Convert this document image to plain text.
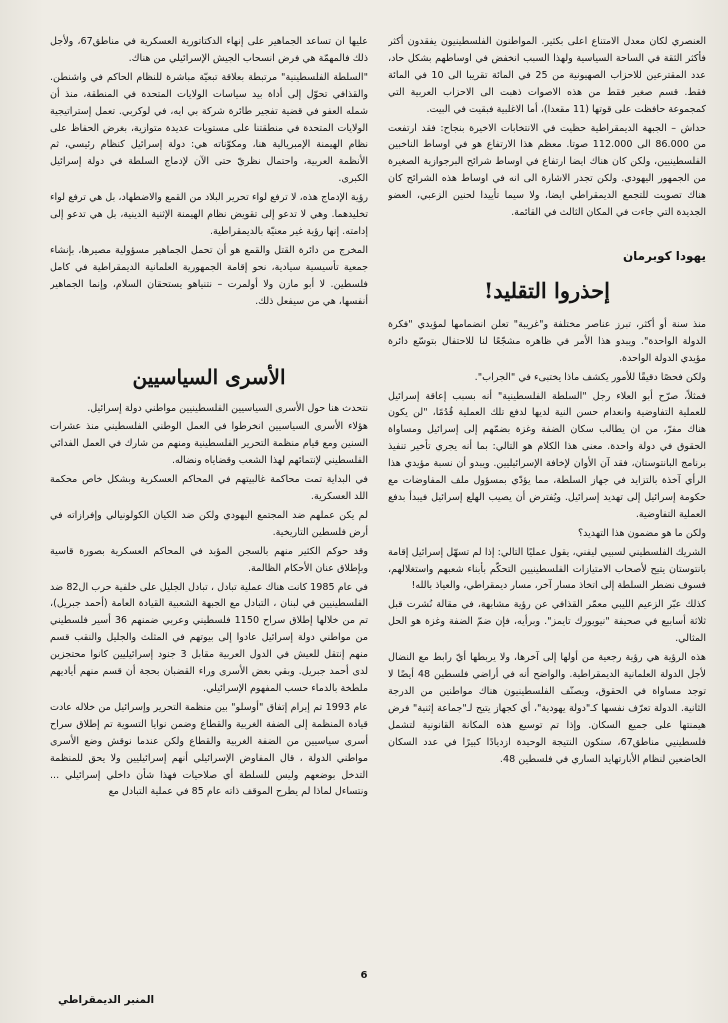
العنصري لكان معدل الامتناع اعلى بكثير. المواطنون الفلسطينيون يفقدون أكثر فأكثر الثقة في الساحة السياسية ولهذا السبب انخفض في اوساطهم بشكل حاد، عدد المقترعين للاحزاب الصهيونية من 25 في المائة تقريبا الى 10 في المائة فقط. قسم صغير فقط من هذه الاصوات ذهبت الى الاحزاب العربية التي كمجموعة حافظت على قوتها (11 مقعدا)، أما الاغلبية فبقيت في البيت.

حداش – الجبهة الديمقراطية حظيت في الانتخابات الاخيرة بنجاح: فقد ارتفعت من 86.000 الى 112.000 صوتا. معظم هذا الارتفاع هو في اوساط الناخبين الفلسطينيين، ولكن كان هناك ايضا ارتفاع في اوساط شرائح البرجوازية الصغيرة من الجمهور اليهودي. ولكن تجدر الاشارة الى انه في اوساط هذه الشرائح كان هناك تصويت للتجمع الديمقراطي ايضا، ولا سيما تأييدا لحنين الزعبي، العضو الجديدة التي جاءت في المكان الثالث في القائمة.

يهودا كوبرمان
إحذروا التقليد!

منذ سنة أو أكثر، تبرز عناصر مختلفة و"غريبة" تعلن انضمامها لمؤيدي "فكرة الدولة الواحدة". ويبدو هذا الأمر في ظاهره مشجّعًا لنا للاحتفال بتوسّع دائرة مؤيدي الدولة الواحدة.

ولكن فحصًا دقيقًا للأمور يكشف ماذا يختبىء في "الجراب".

فمثلاً، صرّح أبو العلاء رجل "السلطة الفلسطينية" أنه بسبب إعاقة إسرائيل للعملية التفاوضية وانعدام حسن النية لديها لدفع تلك العملية قُدُمًا، "لن يكون هناك مفرّ، من ان يطالب سكان الضفة وغزة بضمّهم إلى إسرائيل ومساواة الحقوق في دولة واحدة. معنى هذا الكلام هو التالي: بما أنه يجري تأخير تنفيذ برنامج البانتوستان، فقد آن الأوان لإخافة الإسرائيليين. ويبدو أن نسبة مؤيدي هذا الرأي آخذة بالتزايد في جهاز السلطة، مما يؤدّي بمسؤول ملف المفاوضات مع حكومة إسرائيل إلى تهديد إسرائيل. ويُفترض أن يصيب الهلع إسرائيل فيبدأ بدفع العملية التفاوضية.

ولكن ما هو مضمون هذا التهديد؟

الشريك الفلسطيني لسبيي ليفني، يقول عمليًا التالي: إذا لم تسهّل إسرائيل إقامة بانتوستان يتيح لأصحاب الامتيازات الفلسطينيين التحكّم بأبناء شعبهم واستغلالهم، فسوف نضطر السلطة إلى اتخاذ مسار آخر، مسار ديمقراطي، والعياذ بالله!

كذلك عبّر الزعيم الليبي معمّر القذافي عن رؤية مشابهة، في مقالة نُشرت قبل ثلاثة أسابيع في صحيفة "نيويورك تايمز". وبرأيه، فإن ضمّ الضفة وغزة هو الحل المثالي.

هذه الرؤية هي رؤية رجعية من أولها إلى آخرها، ولا يربطها أيّ رابط مع النضال لأجل الدولة العلمانية الديمقراطية. والواضح أنه في أراضي فلسطين 48 أيضًا لا توجد مساواة في الحقوق، ويصنّف الفلسطينيون هناك مواطنين من الدرجة الثانية. الدولة تعرّف نفسها كـ"دولة يهودية"، أي كجهاز يتيح لـ"جماعة إثنية" فرض هيمنتها على جميع السكان. وإذا تم توسيع هذه المكانة القانونية لتشمل فلسطينيي مناطق67، سنكون النتيجة الوحيدة ازديادًا كبيرًا في عدد السكان الخاضعين لنظام الأبارتهايد الساري في فلسطين 48.

عليها ان تساعد الجماهير على إنهاء الدكتاتورية العسكرية في مناطق67، ولأجل ذلك فالمهمّة هي فرض انسحاب الجيش الإسرائيلي من هناك.

"السلطة الفلسطينية" مرتبطة بعلاقة تبعيّة مباشرة للنظام الحاكم في واشنطن. والقذافي تحوّل إلى أداة بيد سياسات الولايات المتحدة في المنطقة، منذ أن شمله العفو في قضية تفجير طائرة شركة بي ايه، في لوكربي. تعمل إستراتيجية الولايات المتحدة في منطقتنا على مستويات عديدة متوازية، بغرض الحفاظ على نظام الهيمنة الإمبريالية هنا، ومكوّناته هي: دولة إسرائيل كنظام رئيسي، ثم الأنظمة العربية، واحتمال نظريّ حتى الآن لإدماج السلطة في دولة إسرائيل الكبرى.

رؤية الإدماج هذه، لا ترفع لواء تحرير البلاد من القمع والاضطهاد، بل هي ترفع لواء تخليدهما. وهي لا تدعو إلى تقويض نظام الهيمنة الإثنية الدينية، بل هي تدعو إلى إدامته. إنها رؤية غير معنيّة بالديمقراطية.

المخرج من دائرة القتل والقمع هو أن تحمل الجماهير مسؤولية مصيرها، بإنشاء جمعية تأسيسية سيادية، نحو إقامة الجمهورية العلمانية الديمقراطية في كامل فلسطين. لا أبو مازن ولا أولمرت – نتنياهو يستحقان السلام، وإنما الجماهير أنفسها، هي من سيفعل ذلك.

الأسرى السياسيين

نتحدث هنا حول الأسرى السياسيين الفلسطينيين مواطني دولة إسرائيل.

هؤلاء الأسرى السياسيين انخرطوا في العمل الوطني الفلسطيني منذ عشرات السنين ومع قيام منظمة التحرير الفلسطينية ومنهم من شارك في العمل الفدائي الفلسطيني لإنتمائهم لهذا الشعب وقضاياه ونضاله.

في البداية تمت محاكمة غالبيتهم في المحاكم العسكرية وبشكل خاص محكمة اللد العسكرية.

لم يكن عملهم ضد المجتمع اليهودي ولكن ضد الكيان الكولونيالي وإفرازاته في أرض فلسطين التاريخية.

وقد حوكم الكثير منهم بالسجن المؤبد في المحاكم العسكرية بصورة قاسية وبإطلاق عنان الأحكام الظالمة.

في عام 1985 كانت هناك عملية تبادل ، تبادل الجليل على خلفية حرب ال82 ضد الفلسطينيين في لبنان ، التبادل مع الجبهة الشعبية القيادة العامة (أحمد جبريل)، تم من خلالها إطلاق سراح 1150 فلسطيني وعربي ضمنهم 36 أسير فلسطيني من مواطني دولة إسرائيل عادوا إلى بيوتهم في المثلث والجليل والنقب قسم منهم إنتقل للعيش في الدول العربية مقابل 3 جنود إسرائيليين كانوا محتجزين لدى أحمد جبريل. وبقي بعض الأسرى وراء القضبان بحجة أن قسم منهم أياديهم ملطخة بالدماء حسب المفهوم الإسرائيلي.

عام 1993 تم إبرام إتفاق "أوسلو" بين منظمة التحرير وإسرائيل من خلاله عادت قيادة المنظمة إلى الضفة الغربية والقطاع وضمن نوايا التسوية تم إطلاق سراح أسرى سياسيين من الضفة الغربية والقطاع ولكن عندما نوقش وضع الأسرى مواطني الدولة ، قال المفاوض الإسرائيلي أنهم إسرائيليين ولا يحق للمنظمة التدخل بوضعهم وليس للسلطة أي صلاحيات فهذا شأن داخلي إسرائيلي ... ونتساءل لماذا لم يطرح الموقف ذاته عام 85 في عملية التبادل مع

6
المنبر الديمقراطي
